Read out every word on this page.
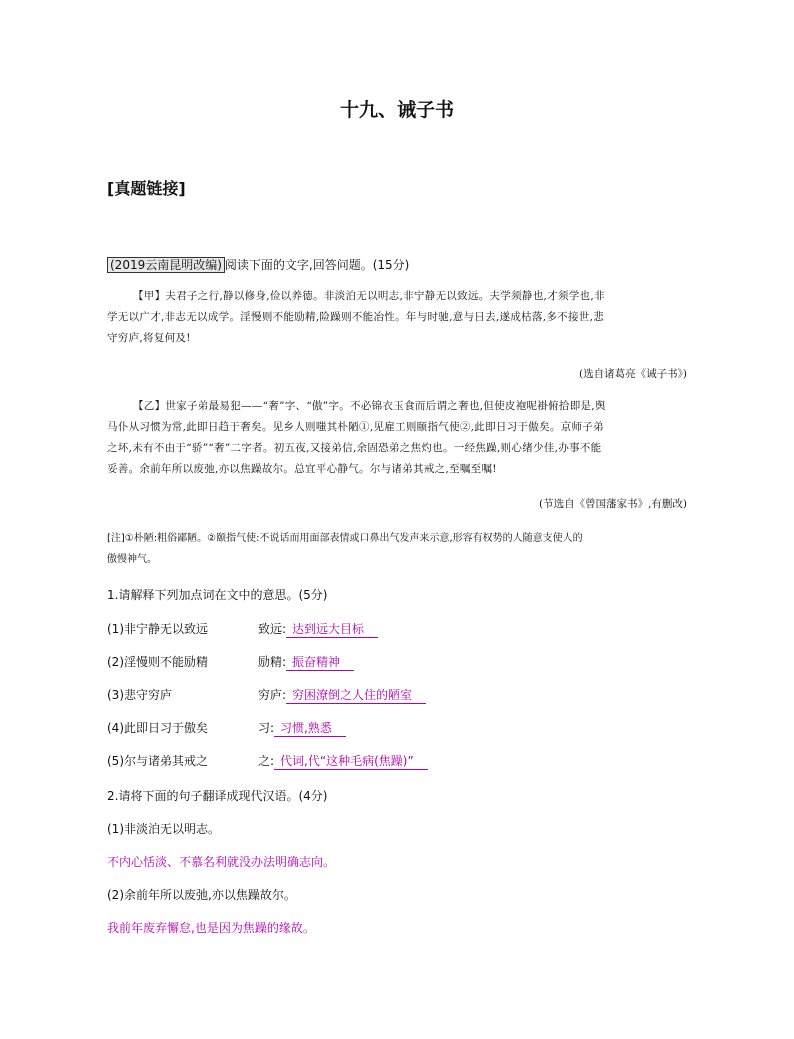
十九、诫子书
[真题链接]
(2019云南昆明改编) 阅读下面的文字,回答问题。(15分)
【甲】夫君子之行,静以修身,俭以养德。非淡泊无以明志,非宁静无以致远。夫学须静也,才须学也,非
学无以广才,非志无以成学。淫慢则不能励精,险躁则不能冶性。年与时驰,意与日去,遂成枯落,多不接世,悲
守穷庐,将复何及!
(选自诸葛亮《诫子书》)
【乙】世家子弟最易犯——“奢”字、“傲”字。不必锦衣玉食而后谓之奢也,但使皮袍呢褂俯拾即是,舆
马仆从习惯为常,此即日趋于奢矣。见乡人则嗤其朴陋①,见雇工则颐指气使②,此即日习于傲矣。京师子弟
之坏,未有不由于“骄”“奢”二字者。初五夜,又接弟信,余固恐弟之焦灼也。一经焦躁,则心绪少佳,办事不能
妥善。余前年所以废弛,亦以焦躁故尔。总宜平心静气。尔与诸弟其戒之,至嘱至嘱!
(节选自《曾国藩家书》,有删改)
[注]①朴陋:粗俗鄙陋。②颐指气使:不说话而用面部表情或口鼻出气发声来示意,形容有权势的人随意支使人的
傲慢神气。
1.请解释下列加点词在文中的意思。(5分)
(1)非宁静无以致远	致远: 达到远大目标
(2)淫慢则不能励精	励精: 振奋精神
(3)悲守穷庐	穷庐: 穷困潦倒之人住的陋室
(4)此即日习于傲矣	习: 习惯,熟悉
(5)尔与诸弟其戒之	之: 代词,代“这种毛病(焦躁)”
2.请将下面的句子翻译成现代汉语。(4分)
(1)非淡泊无以明志。
不内心恬淡、不慕名利就没办法明确志向。
(2)余前年所以废弛,亦以焦躁故尔。
我前年废弃懈怠,也是因为焦躁的缘故。
